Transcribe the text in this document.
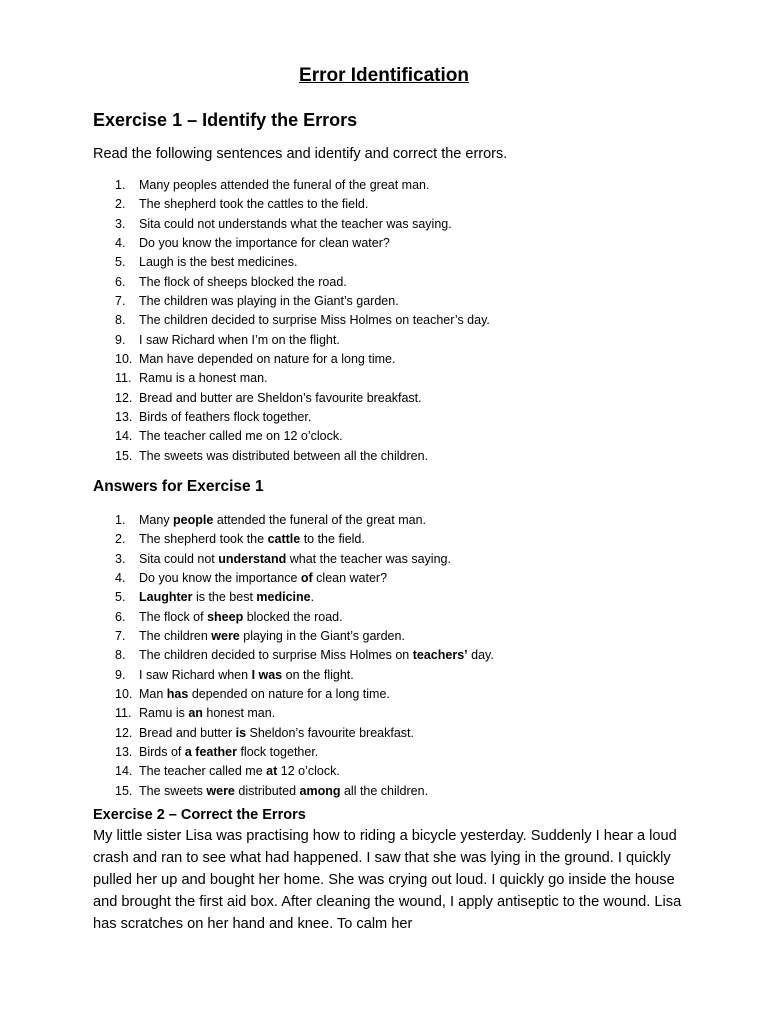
Error Identification
Exercise 1 – Identify the Errors
Read the following sentences and identify and correct the errors.
1. Many peoples attended the funeral of the great man.
2. The shepherd took the cattles to the field.
3. Sita could not understands what the teacher was saying.
4. Do you know the importance for clean water?
5. Laugh is the best medicines.
6. The flock of sheeps blocked the road.
7. The children was playing in the Giant’s garden.
8. The children decided to surprise Miss Holmes on teacher’s day.
9. I saw Richard when I’m on the flight.
10. Man have depended on nature for a long time.
11. Ramu is a honest man.
12. Bread and butter are Sheldon’s favourite breakfast.
13. Birds of feathers flock together.
14. The teacher called me on 12 o’clock.
15. The sweets was distributed between all the children.
Answers for Exercise 1
1. Many people attended the funeral of the great man.
2. The shepherd took the cattle to the field.
3. Sita could not understand what the teacher was saying.
4. Do you know the importance of clean water?
5. Laughter is the best medicine.
6. The flock of sheep blocked the road.
7. The children were playing in the Giant’s garden.
8. The children decided to surprise Miss Holmes on teachers’ day.
9. I saw Richard when I was on the flight.
10. Man has depended on nature for a long time.
11. Ramu is an honest man.
12. Bread and butter is Sheldon’s favourite breakfast.
13. Birds of a feather flock together.
14. The teacher called me at 12 o’clock.
15. The sweets were distributed among all the children.
Exercise 2 – Correct the Errors

My little sister Lisa was practising how to riding a bicycle yesterday. Suddenly I hear a loud crash and ran to see what had happened. I saw that she was lying in the ground. I quickly pulled her up and bought her home. She was crying out loud. I quickly go inside the house and brought the first aid box. After cleaning the wound, I apply antiseptic to the wound. Lisa has scratches on her hand and knee. To calm her
